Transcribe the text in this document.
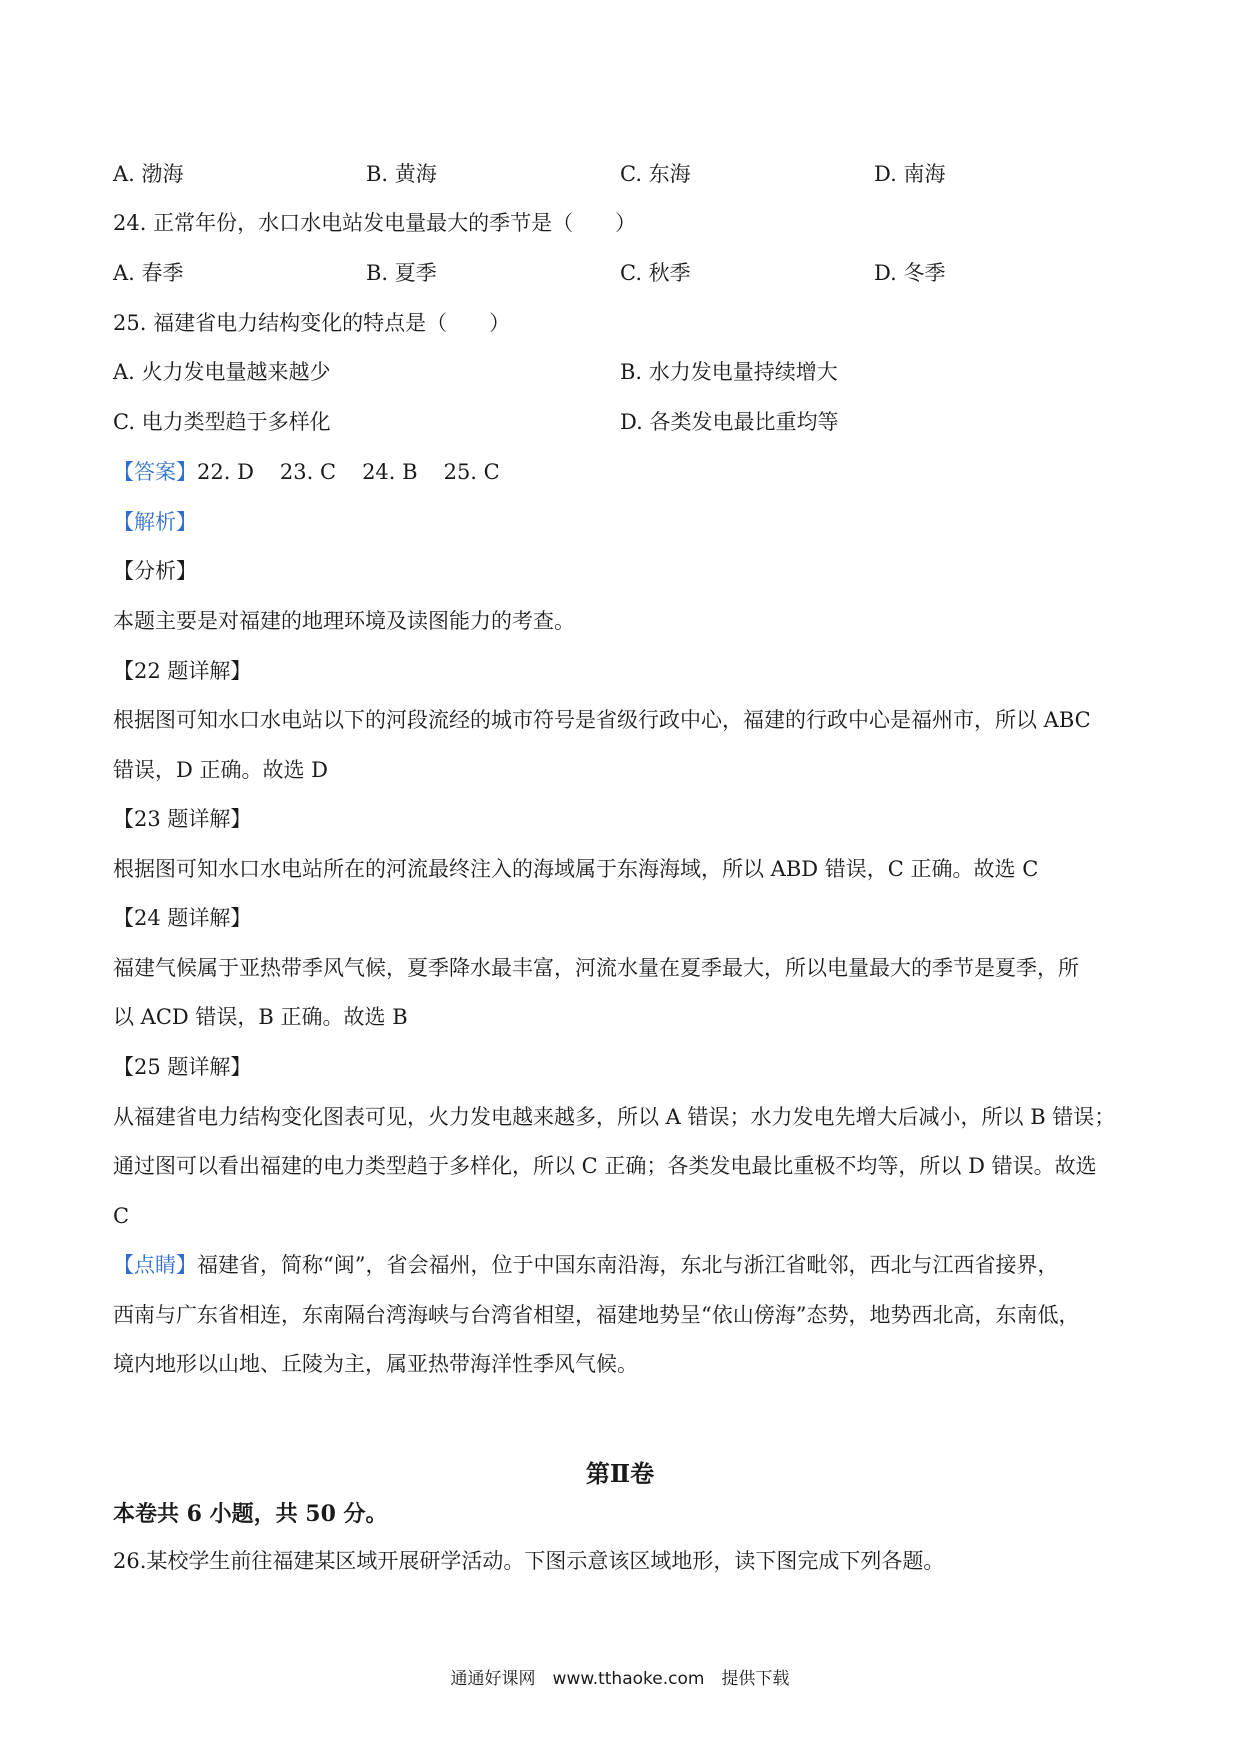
A. 渤海	B. 黄海	C. 东海	D. 南海
24. 正常年份，水口水电站发电量最大的季节是（　　）
A. 春季	B. 夏季	C. 秋季	D. 冬季
25. 福建省电力结构变化的特点是（　　）
A. 火力发电量越来越少	B. 水力发电量持续增大
C. 电力类型趋于多样化	D. 各类发电最比重均等
【答案】22. D 23. C 24. B 25. C
【解析】
【分析】
本题主要是对福建的地理环境及读图能力的考查。
【22 题详解】
根据图可知水口水电站以下的河段流经的城市符号是省级行政中心，福建的行政中心是福州市，所以 ABC
错误，D 正确。故选 D
【23 题详解】
根据图可知水口水电站所在的河流最终注入的海域属于东海海域，所以 ABD 错误，C 正确。故选 C
【24 题详解】
福建气候属于亚热带季风气候，夏季降水最丰富，河流水量在夏季最大，所以电量最大的季节是夏季，所
以 ACD 错误，B 正确。故选 B
【25 题详解】
从福建省电力结构变化图表可见，火力发电越来越多，所以 A 错误；水力发电先增大后减小，所以 B 错误；
通过图可以看出福建的电力类型趋于多样化，所以 C 正确；各类发电最比重极不均等，所以 D 错误。故选
C
【点睛】福建省，简称“闽”，省会福州，位于中国东南沿海，东北与浙江省毗邻，西北与江西省接界，
西南与广东省相连，东南隔台湾海峡与台湾省相望，福建地势呈“依山傍海”态势，地势西北高，东南低，
境内地形以山地、丘陵为主，属亚热带海洋性季风气候。
第Ⅱ卷
本卷共 6 小题，共 50 分。
26.某校学生前往福建某区域开展研学活动。下图示意该区域地形，读下图完成下列各题。
通通好课网　www.tthaoke.com　提供下载
